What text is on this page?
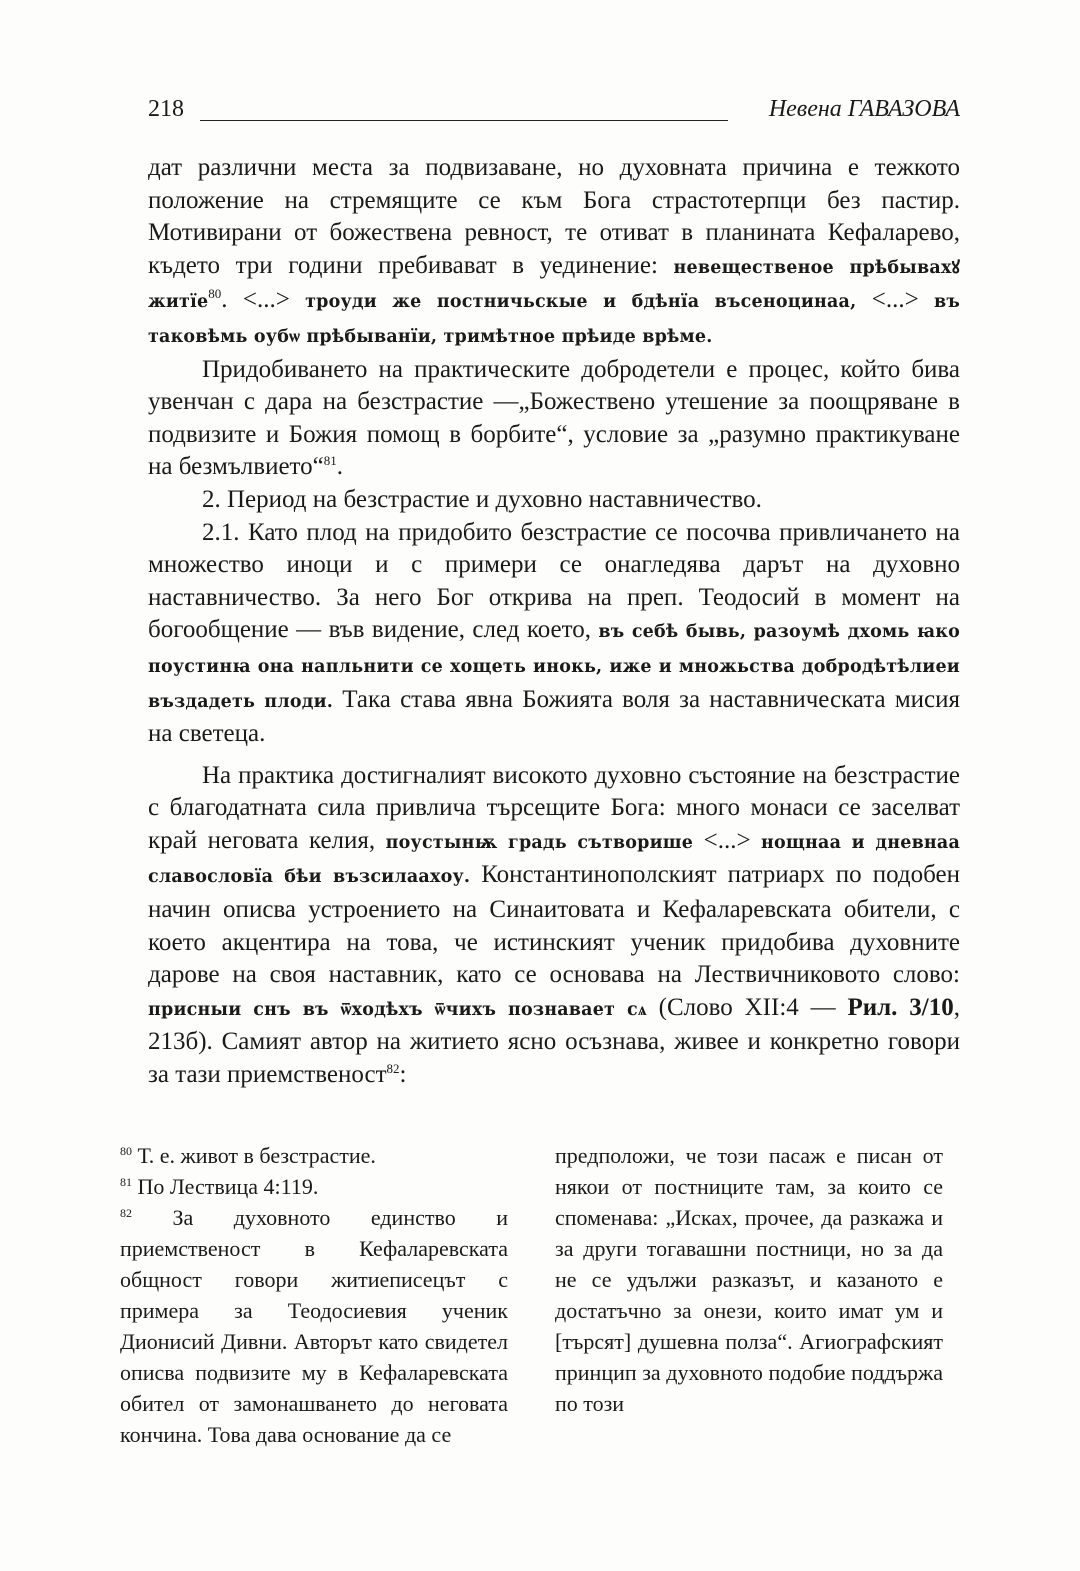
218	Невена ГАВАЗОВА

дат различни места за подвизаване, но духовната причина е тежкото положение на стремящите се към Бога страстотерпци без пастир. Мотивирани от божествена ревност, те отиват в планината Кефаларево, където три години пребивават в уединение: невещественое прѣбывахꙋ житїе$^{80}$. <...> троуди же постничьскые и бдѣнїа въсеноцинаа, <...> въ таковѣмь оубѡ прѣбыванїи, тримѣтное прѣиде врѣме.

Придобиването на практическите добродетели е процес, който бива увенчан с дара на безстрастие —„Божествено утешение за поощряване в подвизите и Божия помощ в борбите“, условие за „разумно практикуване на безмълвието“$^{81}$.

2. Период на безстрастие и духовно наставничество.

2.1. Като плод на придобито безстрастие се посочва привличането на множество иноци и с примери се онагледява дарът на духовно наставничество. За него Бог открива на преп. Теодосий в момент на богообщение — във видение, след което, въ себѣ бывь, разоумѣ дхомь ꙗко поустинꙗ она напльнити се хощеть инокь, иже и множьства добродѣтѣлиеи въздадеть плоди. Така става явна Божията воля за наставническата мисия на светеца.

На практика достигналият високото духовно състояние на безстрастие с благодатната сила привлича търсещите Бога: много монаси се заселват край неговата келия, поустынѭ градь сътворише <...> нощнаа и дневнаа славословїа бѣи възсилаахоу. Константинополският патриарх по подобен начин описва устроението на Синаитовата и Кефаларевската обители, с което акцентира на това, че истинският ученик придобива духовните дарове на своя наставник, като се основава на Лествичниковото слово: присныи снъ въ ѿходѣхъ ѿчихъ познавает сѧ (Слово XII:4 — Рил. 3/10, 213б). Самият автор на житието ясно осъзнава, живее и конкретно говори за тази приемственост$^{82}$:

$^{80}$ Т. е. живот в безстрастие.

$^{81}$ По Лествица 4:119.

$^{82}$ За духовното единство и приемственост в Кефаларевската общност говори житиеписецът с примера за Теодосиевия ученик Дионисий Дивни. Авторът като свидетел описва подвизите му в Кефаларевската обител от замонашването до неговата кончина. Това дава основание да се

предположи, че този пасаж е писан от някои от постниците там, за които се споменава: „Исках, прочее, да разкажа и за други тогавашни постници, но за да не се удължи разказът, и казаното е достатъчно за онези, които имат ум и [търсят] душевна полза“. Агиографският принцип за духовното подобие поддържа по този
